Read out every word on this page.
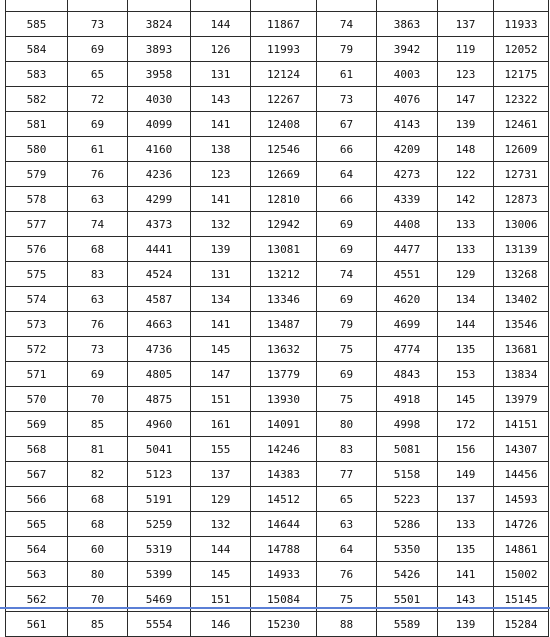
585	73	3824	144	11867	74	3863	137	11933
584	69	3893	126	11993	79	3942	119	12052
583	65	3958	131	12124	61	4003	123	12175
582	72	4030	143	12267	73	4076	147	12322
581	69	4099	141	12408	67	4143	139	12461
580	61	4160	138	12546	66	4209	148	12609
579	76	4236	123	12669	64	4273	122	12731
578	63	4299	141	12810	66	4339	142	12873
577	74	4373	132	12942	69	4408	133	13006
576	68	4441	139	13081	69	4477	133	13139
575	83	4524	131	13212	74	4551	129	13268
574	63	4587	134	13346	69	4620	134	13402
573	76	4663	141	13487	79	4699	144	13546
572	73	4736	145	13632	75	4774	135	13681
571	69	4805	147	13779	69	4843	153	13834
570	70	4875	151	13930	75	4918	145	13979
569	85	4960	161	14091	80	4998	172	14151
568	81	5041	155	14246	83	5081	156	14307
567	82	5123	137	14383	77	5158	149	14456
566	68	5191	129	14512	65	5223	137	14593
565	68	5259	132	14644	63	5286	133	14726
564	60	5319	144	14788	64	5350	135	14861
563	80	5399	145	14933	76	5426	141	15002
562	70	5469	151	15084	75	5501	143	15145
561	85	5554	146	15230	88	5589	139	15284
